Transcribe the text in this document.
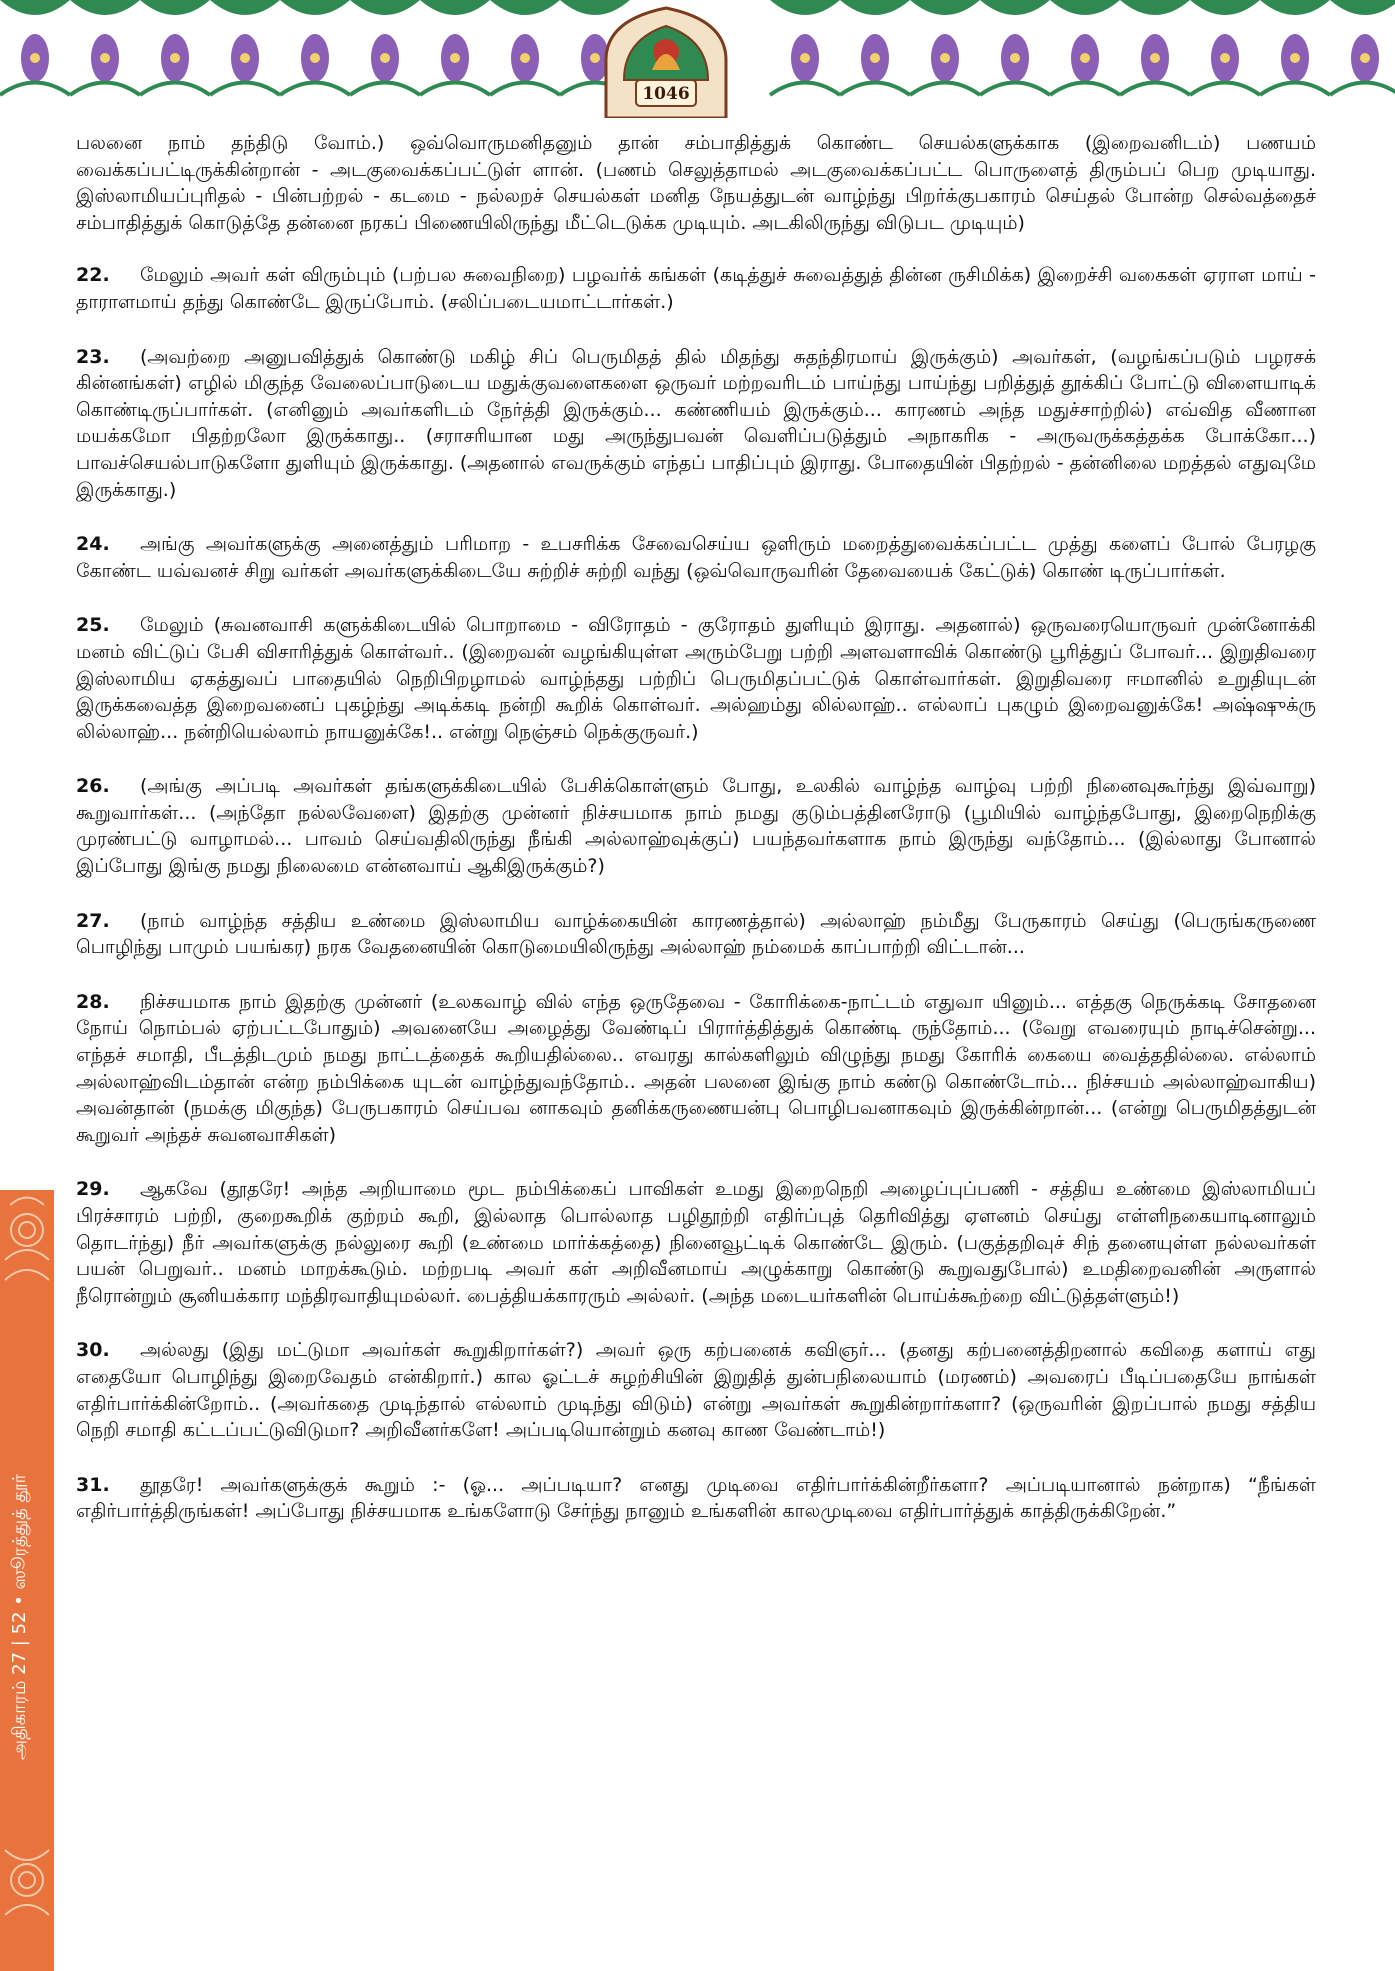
1046
அதிகாரம் 27 | 52 • ஸூரத்துத் தூர்

பலனை நாம் தந்திடு வோம்.) ஒவ்வொருமனிதனும் தான் சம்பாதித்துக் கொண்ட செயல்களுக்காக (இறைவனிடம்) பணயம் வைக்கப்பட்டிருக்கின்றான் - அடகுவைக்கப்பட்டுள் ளான். (பணம் செலுத்தாமல் அடகுவைக்கப்பட்ட பொருளைத் திரும்பப் பெற முடியாது. இஸ்லாமியப்புரிதல் - பின்பற்றல் - கடமை - நல்லறச் செயல்கள் மனித நேயத்துடன் வாழ்ந்து பிறர்க்குபகாரம் செய்தல் போன்ற செல்வத்தைச் சம்பாதித்துக் கொடுத்தே தன்னை நரகப் பிணையிலிருந்து மீட்டெடுக்க முடியும். அடகிலிருந்து விடுபட முடியும்)

22. மேலும் அவர் கள் விரும்பும் (பற்பல சுவைநிறை) பழவர்க் கங்கள் (கடித்துச் சுவைத்துத் தின்ன ருசிமிக்க) இறைச்சி வகைகள் ஏராள மாய் - தாராளமாய் தந்து கொண்டே இருப்போம். (சலிப்படையமாட்டார்கள்.)

23. (அவற்றை அனுபவித்துக் கொண்டு மகிழ் சிப் பெருமிதத் தில் மிதந்து சுதந்திரமாய் இருக்கும்) அவர்கள், (வழங்கப்படும் பழரசக் கின்னங்கள்) எழில் மிகுந்த வேலைப்பாடுடைய மதுக்குவளைகளை ஒருவர் மற்றவரிடம் பாய்ந்து பாய்ந்து பறித்துத் தூக்கிப் போட்டு விளையாடிக் கொண்டிருப்பார்கள். (எனினும் அவர்களிடம் நேர்த்தி இருக்கும்... கண்ணியம் இருக்கும்... காரணம் அந்த மதுச்சாற்றில்) எவ்வித வீணான மயக்கமோ பிதற்றலோ இருக்காது.. (சராசரியான மது அருந்துபவன் வெளிப்படுத்தும் அநாகரிக - அருவருக்கத்தக்க போக்கோ...) பாவச்செயல்பாடுகளோ துளியும் இருக்காது. (அதனால் எவருக்கும் எந்தப் பாதிப்பும் இராது. போதையின் பிதற்றல் - தன்னிலை மறத்தல் எதுவுமே இருக்காது.)

24. அங்கு அவர்களுக்கு அனைத்தும் பரிமாற - உபசரிக்க சேவைசெய்ய ஒளிரும் மறைத்துவைக்கப்பட்ட முத்து களைப் போல் பேரழகு கோண்ட யவ்வனச் சிறு வர்கள் அவர்களுக்கிடையே சுற்றிச் சுற்றி வந்து (ஒவ்வொருவரின் தேவையைக் கேட்டுக்) கொண் டிருப்பார்கள்.

25. மேலும் (சுவனவாசி களுக்கிடையில் பொறாமை - விரோதம் - குரோதம் துளியும் இராது. அதனால்) ஒருவரையொருவர் முன்னோக்கி மனம் விட்டுப் பேசி விசாரித்துக் கொள்வர்.. (இறைவன் வழங்கியுள்ள அரும்பேறு பற்றி அளவளாவிக் கொண்டு பூரித்துப் போவர்... இறுதிவரை இஸ்லாமிய ஏகத்துவப் பாதையில் நெறிபிறழாமல் வாழ்ந்தது பற்றிப் பெருமிதப்பட்டுக் கொள்வார்கள். இறுதிவரை ஈமானில் உறுதியுடன் இருக்கவைத்த இறைவனைப் புகழ்ந்து அடிக்கடி நன்றி கூறிக் கொள்வர். அல்ஹம்து லில்லாஹ்.. எல்லாப் புகழும் இறைவனுக்கே! அஷ்ஷுக்ரு லில்லாஹ்... நன்றியெல்லாம் நாயனுக்கே!.. என்று நெஞ்சம் நெக்குருவர்.)

26. (அங்கு அப்படி அவர்கள் தங்களுக்கிடையில் பேசிக்கொள்ளும் போது, உலகில் வாழ்ந்த வாழ்வு பற்றி நினைவுகூர்ந்து இவ்வாறு) கூறுவார்கள்... (அந்தோ நல்லவேளை) இதற்கு முன்னர் நிச்சயமாக நாம் நமது குடும்பத்தினரோடு (பூமியில் வாழ்ந்தபோது, இறைநெறிக்கு முரண்பட்டு வாழாமல்... பாவம் செய்வதிலிருந்து நீங்கி அல்லாஹ்வுக்குப்) பயந்தவர்களாக நாம் இருந்து வந்தோம்... (இல்லாது போனால் இப்போது இங்கு நமது நிலைமை என்னவாய் ஆகிஇருக்கும்?)

27. (நாம் வாழ்ந்த சத்திய உண்மை இஸ்லாமிய வாழ்க்கையின் காரணத்தால்) அல்லாஹ் நம்மீது பேருகாரம் செய்து (பெருங்கருணை பொழிந்து பாமும் பயங்கர) நரக வேதனையின் கொடுமையிலிருந்து அல்லாஹ் நம்மைக் காப்பாற்றி விட்டான்...

28. நிச்சயமாக நாம் இதற்கு முன்னர் (உலகவாழ் வில் எந்த ஒருதேவை - கோரிக்கை-நாட்டம் எதுவா யினும்... எத்தகு நெருக்கடி சோதனை நோய் நொம்பல் ஏற்பட்டபோதும்) அவனையே அழைத்து வேண்டிப் பிரார்த்தித்துக் கொண்டி ருந்தோம்... (வேறு எவரையும் நாடிச்சென்று... எந்தச் சமாதி, பீடத்திடமும் நமது நாட்டத்தைக் கூறியதில்லை.. எவரது கால்களிலும் விழுந்து நமது கோரிக் கையை வைத்ததில்லை. எல்லாம் அல்லாஹ்விடம்தான் என்ற நம்பிக்கை யுடன் வாழ்ந்துவந்தோம்.. அதன் பலனை இங்கு நாம் கண்டு கொண்டோம்... நிச்சயம் அல்லாஹ்வாகிய) அவன்தான் (நமக்கு மிகுந்த) பேருபகாரம் செய்பவ னாகவும் தனிக்கருணையன்பு பொழிபவனாகவும் இருக்கின்றான்... (என்று பெருமிதத்துடன் கூறுவர் அந்தச் சுவனவாசிகள்)

29. ஆகவே (தூதரே! அந்த அறியாமை மூட நம்பிக்கைப் பாவிகள் உமது இறைநெறி அழைப்புப்பணி - சத்திய உண்மை இஸ்லாமியப் பிரச்சாரம் பற்றி, குறைகூறிக் குற்றம் கூறி, இல்லாத பொல்லாத பழிதூற்றி எதிர்ப்புத் தெரிவித்து ஏளனம் செய்து எள்ளிநகையாடினாலும் தொடர்ந்து) நீர் அவர்களுக்கு நல்லுரை கூறி (உண்மை மார்க்கத்தை) நினைவூட்டிக் கொண்டே இரும். (பகுத்தறிவுச் சிந் தனையுள்ள நல்லவர்கள் பயன் பெறுவர்.. மனம் மாறக்கூடும். மற்றபடி அவர் கள் அறிவீனமாய் அழுக்காறு கொண்டு கூறுவதுபோல்) உமதிறைவனின் அருளால் நீரொன்றும் சூனியக்கார மந்திரவாதியுமல்லர். பைத்தியக்காரரும் அல்லர். (அந்த மடையர்களின் பொய்க்கூற்றை விட்டுத்தள்ளும்!)

30. அல்லது (இது மட்டுமா அவர்கள் கூறுகிறார்கள்?) அவர் ஒரு கற்பனைக் கவிஞர்... (தனது கற்பனைத்திறனால் கவிதை களாய் எது எதையோ பொழிந்து இறைவேதம் என்கிறார்.) கால ஓட்டச் சுழற்சியின் இறுதித் துன்பநிலையாம் (மரணம்) அவரைப் பீடிப்பதையே நாங்கள் எதிர்பார்க்கின்றோம்.. (அவர்கதை முடிந்தால் எல்லாம் முடிந்து விடும்) என்று அவர்கள் கூறுகின்றார்களா? (ஒருவரின் இறப்பால் நமது சத்திய நெறி சமாதி கட்டப்பட்டுவிடுமா? அறிவீனர்களே! அப்படியொன்றும் கனவு காண வேண்டாம்!)

31. தூதரே! அவர்களுக்குக் கூறும் :- (ஓ... அப்படியா? எனது முடிவை எதிர்பார்க்கின்றீர்களா? அப்படியானால் நன்றாக) “நீங்கள் எதிர்பார்த்திருங்கள்! அப்போது நிச்சயமாக உங்களோடு சேர்ந்து நானும் உங்களின் காலமுடிவை எதிர்பார்த்துக் காத்திருக்கிறேன்.”
